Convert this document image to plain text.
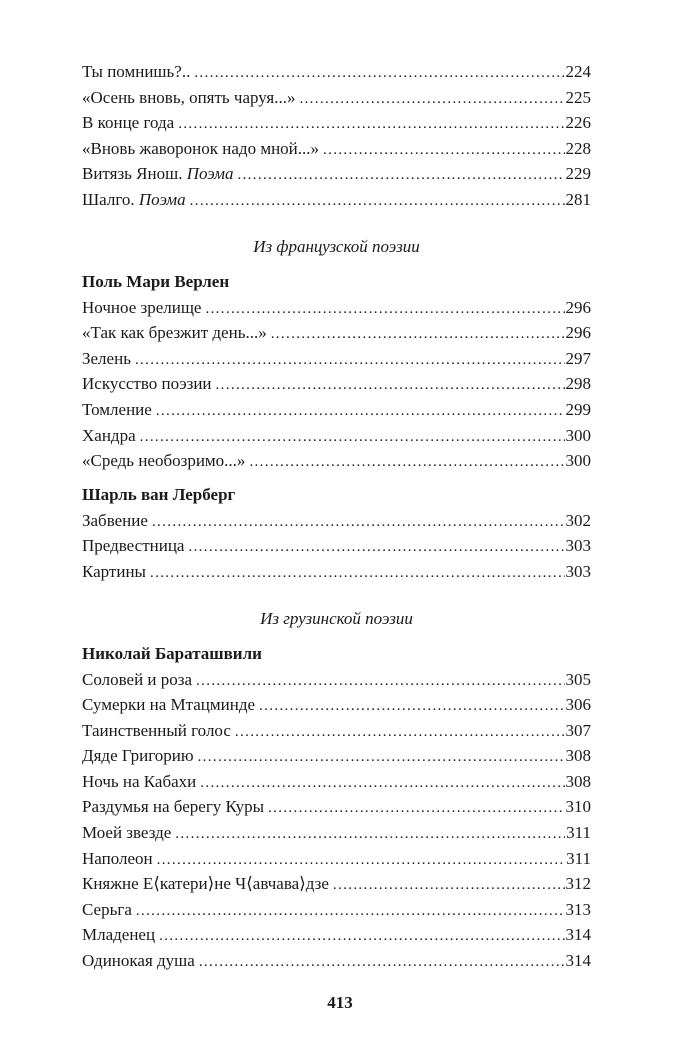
Ты помнишь?.. . . .	224
«Осень вновь, опять чаруя...» . . .	225
В конце года . . .	226
«Вновь жаворонок надо мной...» . . .	228
Витязь Янош. Поэма . . .	229
Шалго. Поэма . . .	281
Из французской поэзии
Поль Мари Верлен
Ночное зрелище . . .	296
«Так как брезжит день...» . . .	296
Зелень . . .	297
Искусство поэзии . . .	298
Томление . . .	299
Хандра . . .	300
«Средь необозримо...» . . .	300
Шарль ван Лерберг
Забвение . . .	302
Предвестница . . .	303
Картины . . .	303
Из грузинской поэзии
Николай Бараташвили
Соловей и роза . . .	305
Сумерки на Мтацминде . . .	306
Таинственный голос . . .	307
Дяде Григорию . . .	308
Ночь на Кабахи . . .	308
Раздумья на берегу Куры . . .	310
Моей звезде . . .	311
Наполеон . . .	311
Княжне Е⟨катери⟩не Ч⟨авчава⟩дзе . . .	312
Серьга . . .	313
Младенец . . .	314
Одинокая душа . . .	314
413
